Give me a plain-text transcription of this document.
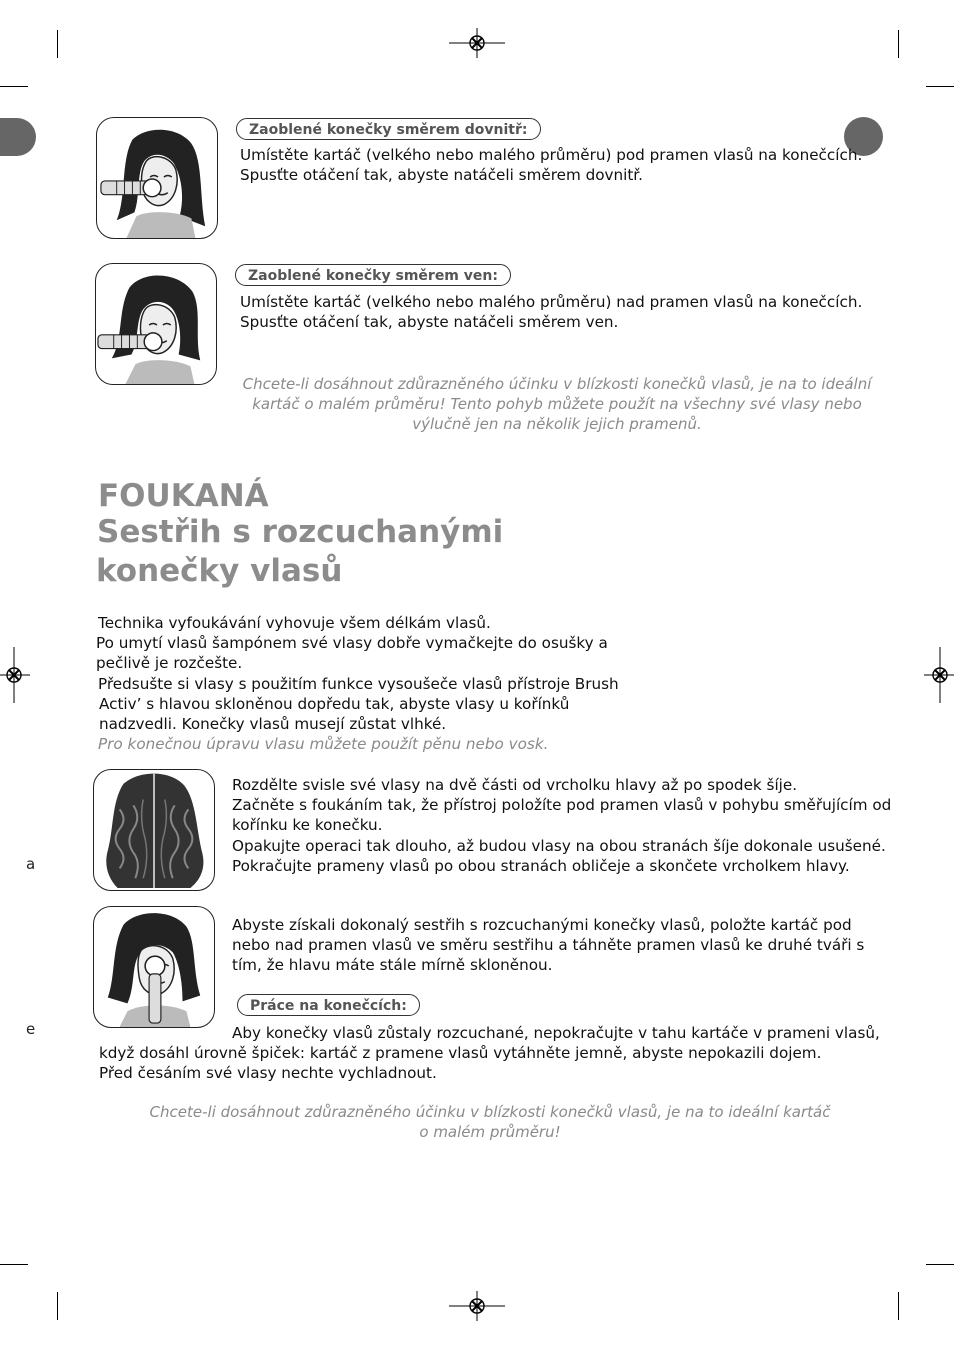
a
e
Zaoblené konečky směrem dovnitř:
Umístěte kartáč (velkého nebo malého průměru) pod pramen vlasů na konečcích.
Spusťte otáčení tak, abyste natáčeli směrem dovnitř.
Zaoblené konečky směrem ven:
Umístěte kartáč (velkého nebo malého průměru) nad pramen vlasů na konečcích.
Spusťte otáčení tak, abyste natáčeli směrem ven.
Chcete-li dosáhnout zdůrazněného účinku v blízkosti konečků vlasů, je na to ideální
kartáč o malém průměru! Tento pohyb můžete použít na všechny své vlasy nebo
výlučně jen na několik jejich pramenů.
FOUKANÁ
Sestřih s rozcuchanými
konečky vlasů
Technika vyfoukávání vyhovuje všem délkám vlasů.
Po umytí vlasů šampónem své vlasy dobře vymačkejte do osušky a
pečlivě je rozčešte.
Předsušte si vlasy s použitím funkce vysoušeče vlasů přístroje Brush
Activ’ s hlavou skloněnou dopředu tak, abyste vlasy u kořínků
nadzvedli. Konečky vlasů musejí zůstat vlhké.
Pro konečnou úpravu vlasu můžete použít pěnu nebo vosk.
Rozdělte svisle své vlasy na dvě části od vrcholku hlavy až po spodek šíje.
Začněte s foukáním tak, že přístroj položíte pod pramen vlasů v pohybu směřujícím od
kořínku ke konečku.
Opakujte operaci tak dlouho, až budou vlasy na obou stranách šíje dokonale usušené.
Pokračujte prameny vlasů po obou stranách obličeje a skončete vrcholkem hlavy.
Abyste získali dokonalý sestřih s rozcuchanými konečky vlasů, položte kartáč pod
nebo nad pramen vlasů ve směru sestřihu a táhněte pramen vlasů ke druhé tváři s
tím, že hlavu máte stále mírně skloněnou.
Práce na konečcích:
Aby konečky vlasů zůstaly rozcuchané, nepokračujte v tahu kartáče v prameni vlasů,
když dosáhl úrovně špiček: kartáč z pramene vlasů vytáhněte jemně, abyste nepokazili dojem.
Před česáním své vlasy nechte vychladnout.
Chcete-li dosáhnout zdůrazněného účinku v blízkosti konečků vlasů, je na to ideální kartáč
o malém průměru!
